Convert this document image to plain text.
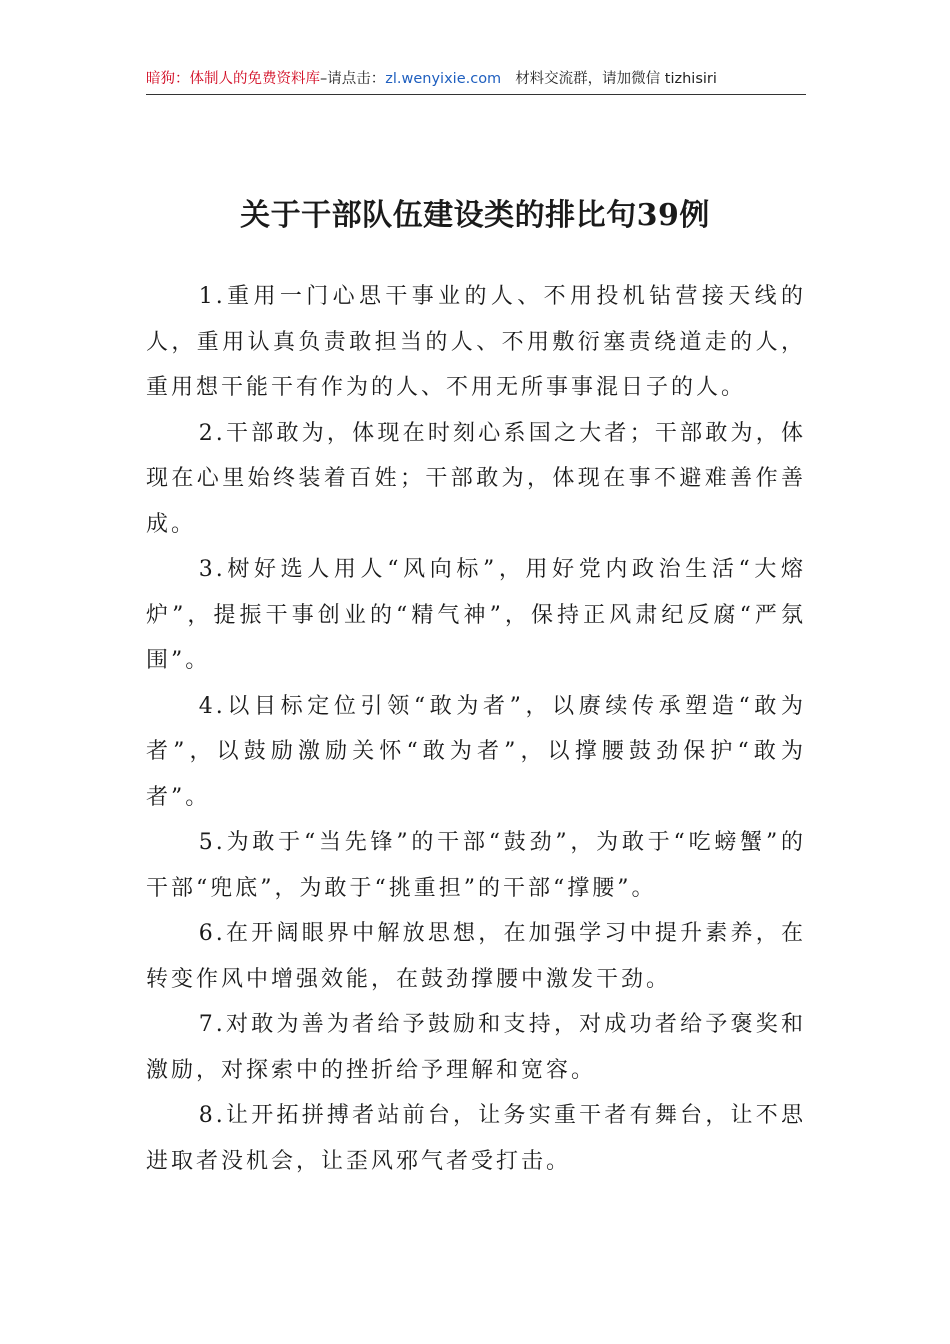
暗狗：体制人的免费资料库–请点击：zl.wenyixie.com 材料交流群，请加微信 tizhisiri
关于干部队伍建设类的排比句39例

1.重用一门心思干事业的人、不用投机钻营接天线的人，重用认真负责敢担当的人、不用敷衍塞责绕道走的人，重用想干能干有作为的人、不用无所事事混日子的人。

2.干部敢为，体现在时刻心系国之大者；干部敢为，体现在心里始终装着百姓；干部敢为，体现在事不避难善作善成。

3.树好选人用人“风向标”，用好党内政治生活“大熔炉”，提振干事创业的“精气神”，保持正风肃纪反腐“严氛围”。

4.以目标定位引领“敢为者”，以赓续传承塑造“敢为者”，以鼓励激励关怀“敢为者”，以撑腰鼓劲保护“敢为者”。

5.为敢于“当先锋”的干部“鼓劲”，为敢于“吃螃蟹”的干部“兜底”，为敢于“挑重担”的干部“撑腰”。

6.在开阔眼界中解放思想，在加强学习中提升素养，在转变作风中增强效能，在鼓劲撑腰中激发干劲。

7.对敢为善为者给予鼓励和支持，对成功者给予褒奖和激励，对探索中的挫折给予理解和宽容。

8.让开拓拼搏者站前台，让务实重干者有舞台，让不思进取者没机会，让歪风邪气者受打击。
